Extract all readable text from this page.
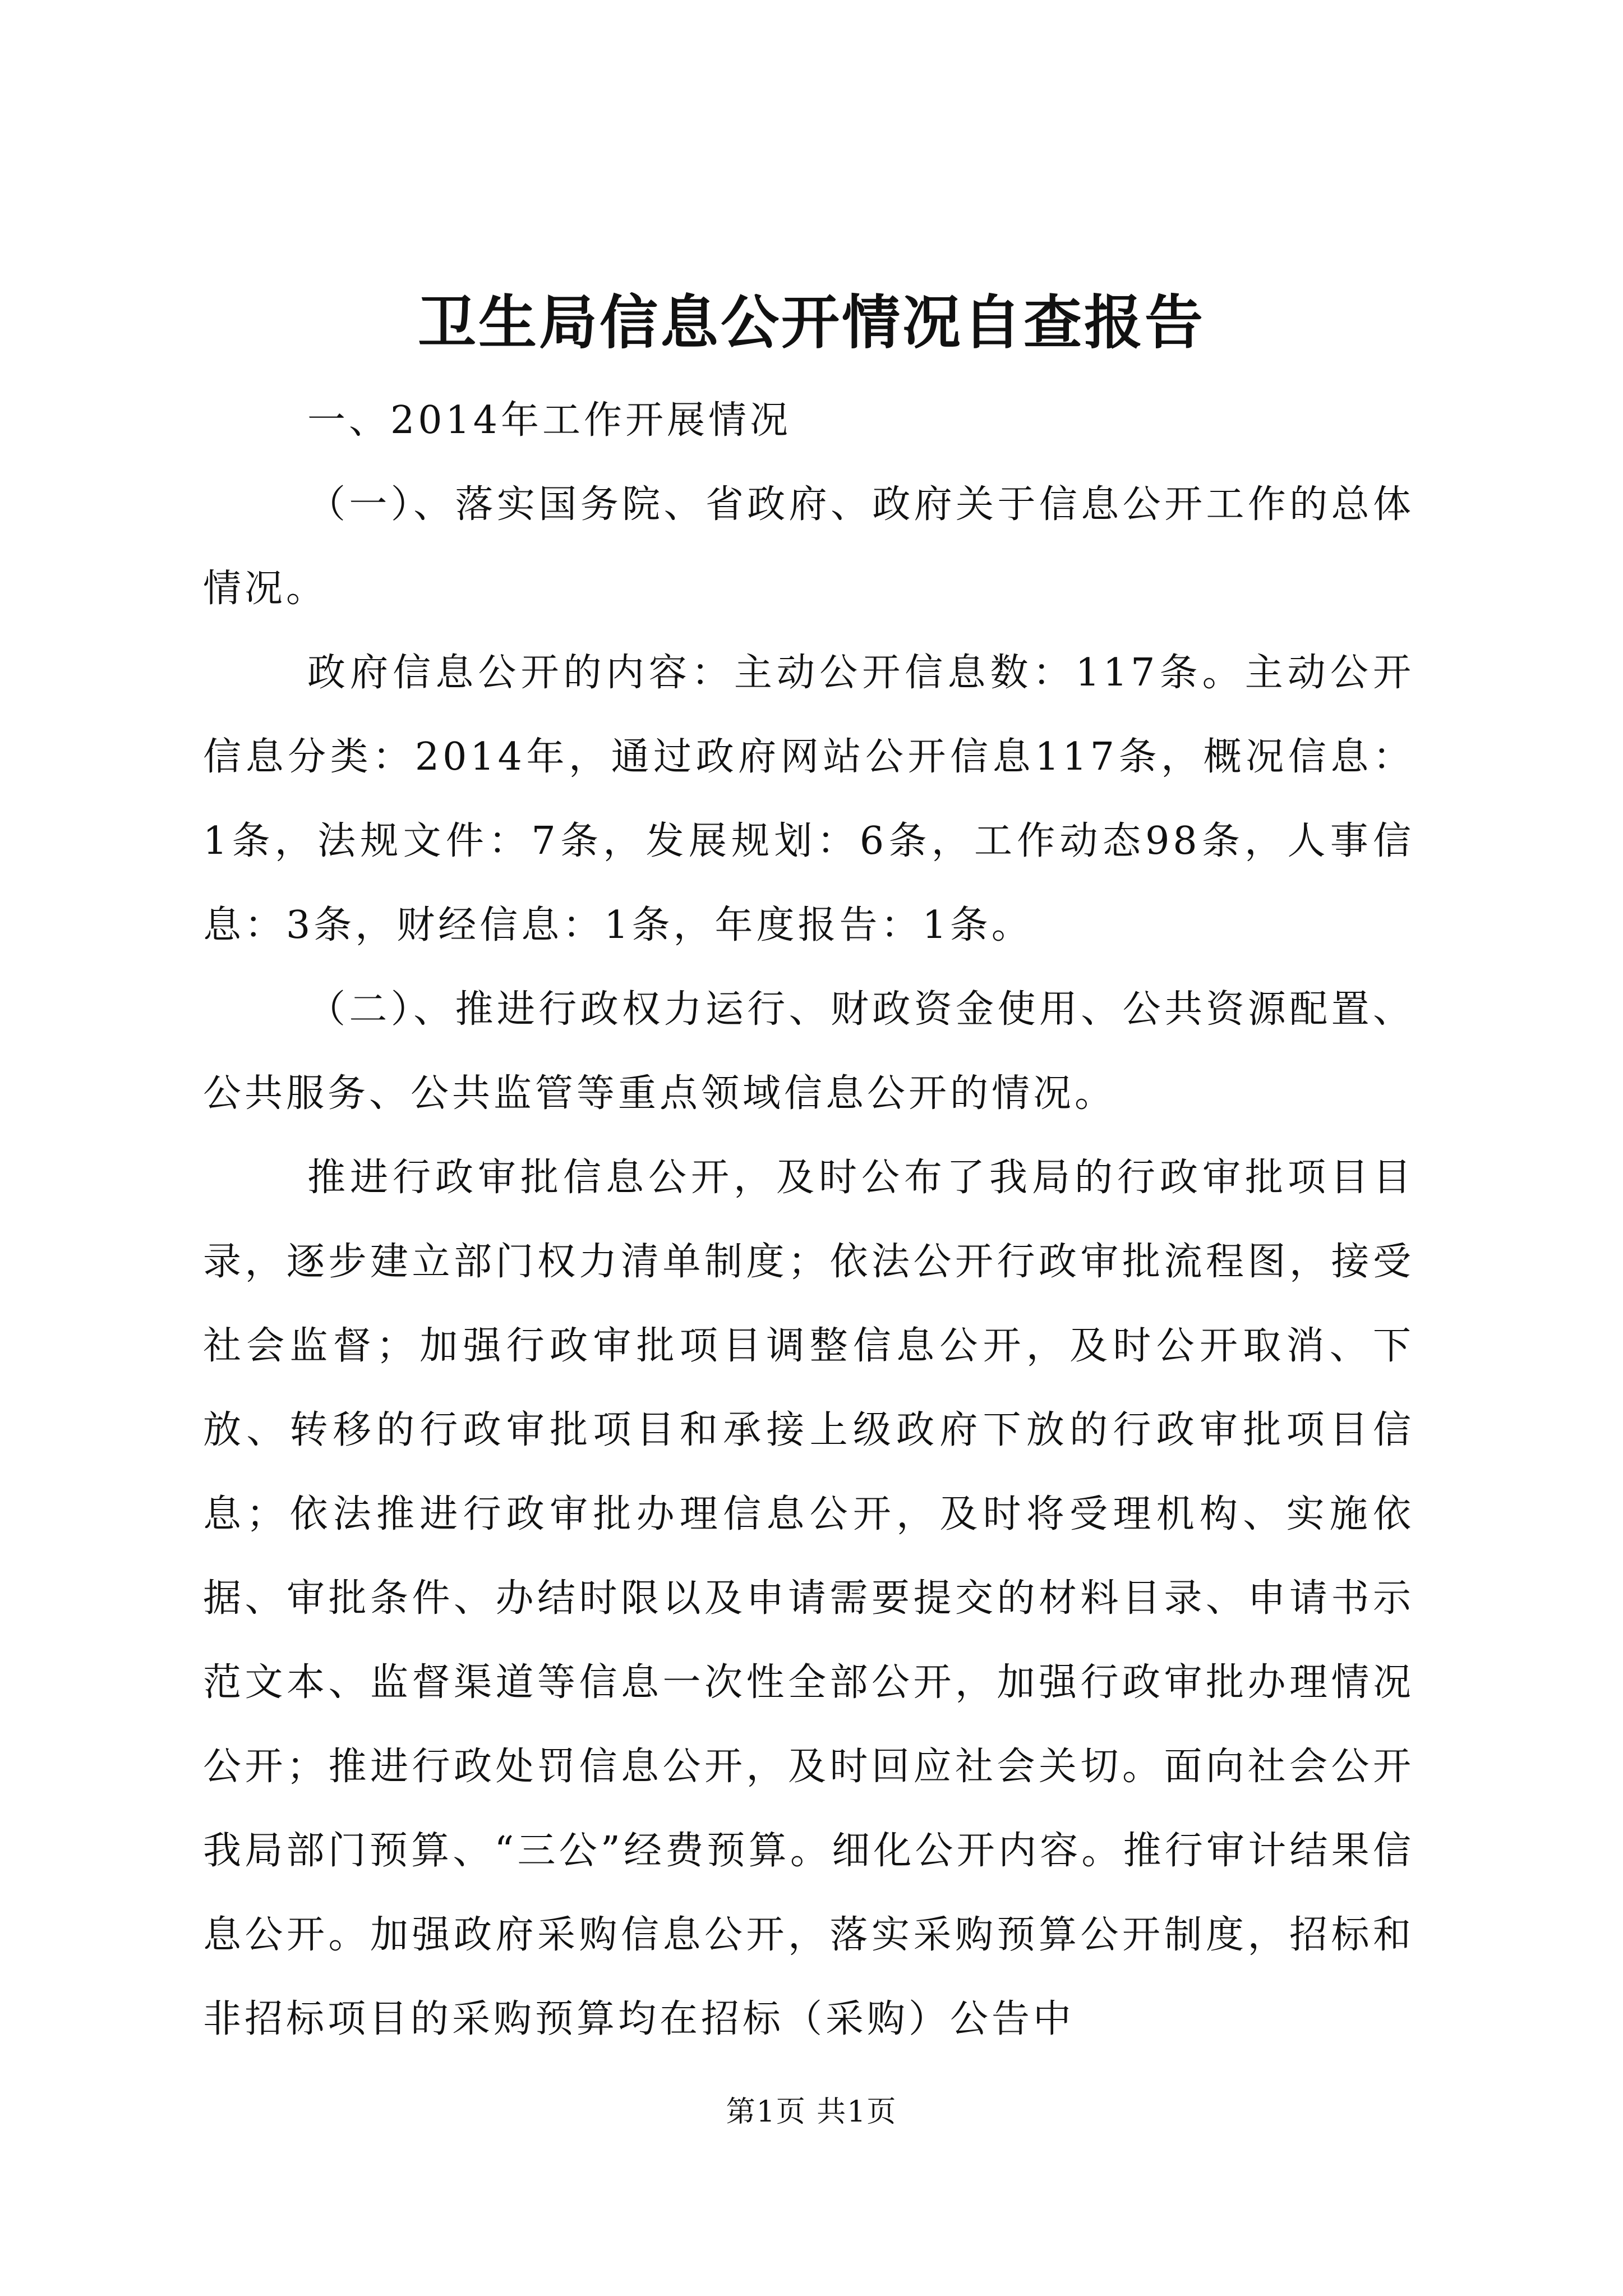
卫生局信息公开情况自查报告

一、2014年工作开展情况

（一）、落实国务院、省政府、政府关于信息公开工作的总体情况。

政府信息公开的内容：主动公开信息数：117条。主动公开信息分类：2014年，通过政府网站公开信息117条，概况信息：1条，法规文件：7条，发展规划：6条，工作动态98条，人事信息：3条，财经信息：1条，年度报告：1条。

（二）、推进行政权力运行、财政资金使用、公共资源配置、公共服务、公共监管等重点领域信息公开的情况。

推进行政审批信息公开，及时公布了我局的行政审批项目目录，逐步建立部门权力清单制度；依法公开行政审批流程图，接受社会监督；加强行政审批项目调整信息公开，及时公开取消、下放、转移的行政审批项目和承接上级政府下放的行政审批项目信息；依法推进行政审批办理信息公开，及时将受理机构、实施依据、审批条件、办结时限以及申请需要提交的材料目录、申请书示范文本、监督渠道等信息一次性全部公开，加强行政审批办理情况公开；推进行政处罚信息公开，及时回应社会关切。面向社会公开我局部门预算、“三公”经费预算。细化公开内容。推行审计结果信息公开。加强政府采购信息公开，落实采购预算公开制度，招标和非招标项目的采购预算均在招标（采购）公告中

第1页 共1页
